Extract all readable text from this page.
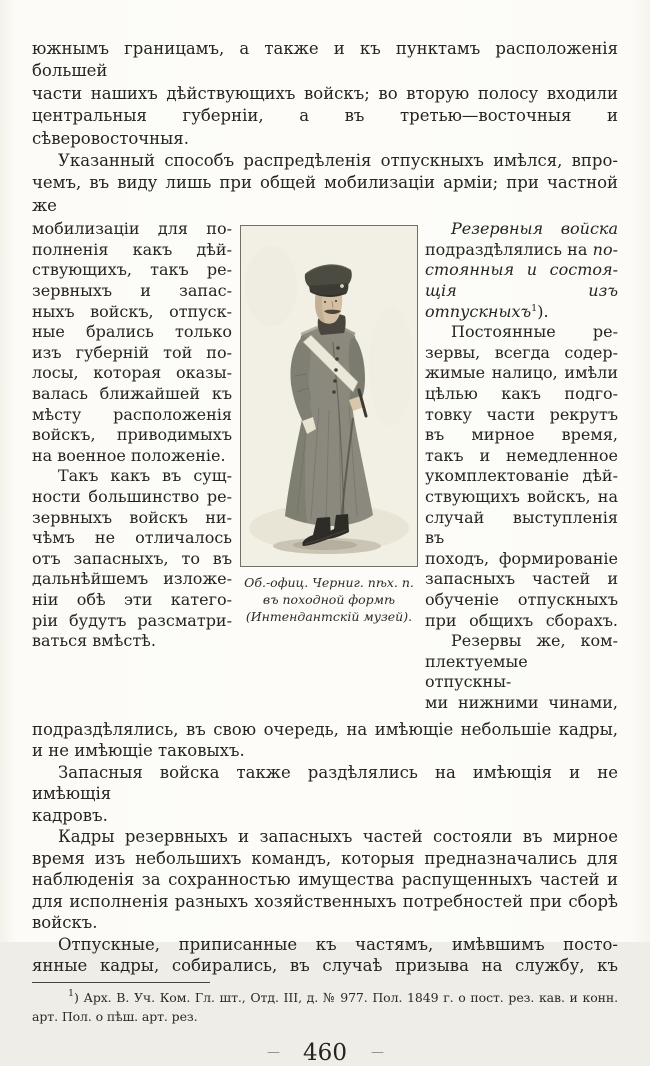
южнымъ границамъ, а также и къ пунктамъ расположенія большей
части нашихъ дѣйствующихъ войскъ; во вторую полосу входили
центральныя губерніи, а въ третью—восточныя и сѣверовосточныя.
Указанный способъ распредѣленія отпускныхъ имѣлся, впро-
чемъ, въ виду лишь при общей мобилизаціи арміи; при частной же
мобилизаціи для по-
полненія какъ дѣй-
ствующихъ, такъ ре-
зервныхъ и запас-
ныхъ войскъ, отпуск-
ные брались только
изъ губерній той по-
лосы, которая оказы-
валась ближайшей къ
мѣсту расположенія
войскъ, приводимыхъ
на военное положеніе.
Такъ какъ въ сущ-
ности большинство ре-
зервныхъ войскъ ни-
чѣмъ не отличалось
отъ запасныхъ, то въ
дальнѣйшемъ изложе-
ніи обѣ эти катего-
ріи будутъ разсматри-
ваться вмѣстѣ.
Об.-офиц. Черниг. пѣх. п.
въ походной формѣ
(Интендантскій музей).
Резервныя войска
подраздѣлялись на по-
стоянныя и состоя-
щія изъ отпускныхъ$^1$).
Постоянные ре-
зервы, всегда содер-
жимые налицо, имѣли
цѣлью какъ подго-
товку части рекрутъ
въ мирное время,
такъ и немедленное
укомплектованіе дѣй-
ствующихъ войскъ, на
случай выступленія въ
походъ, формированіе
запасныхъ частей и
обученіе отпускныхъ
при общихъ сборахъ.
Резервы же, ком-
плектуемые отпускны-
ми нижними чинами,
подраздѣлялись, въ свою очередь, на имѣющіе небольшіе кадры,
и не имѣющіе таковыхъ.
Запасныя войска также раздѣлялись на имѣющія и не имѣющія
кадровъ.
Кадры резервныхъ и запасныхъ частей состояли въ мирное
время изъ небольшихъ командъ, которыя предназначались для
наблюденія за сохранностью имущества распущенныхъ частей и
для исполненія разныхъ хозяйственныхъ потребностей при сборѣ
войскъ.
Отпускные, приписанные къ частямъ, имѣвшимъ посто-
янные кадры, собирались, въ случаѣ призыва на службу, къ
$^1$) Арх. В. Уч. Ком. Гл. шт., Отд. III, д. № 977. Пол. 1849 г. о пост. рез. кав. и конн.
арт. Пол. о пѣш. арт. рез.
— 460 —
